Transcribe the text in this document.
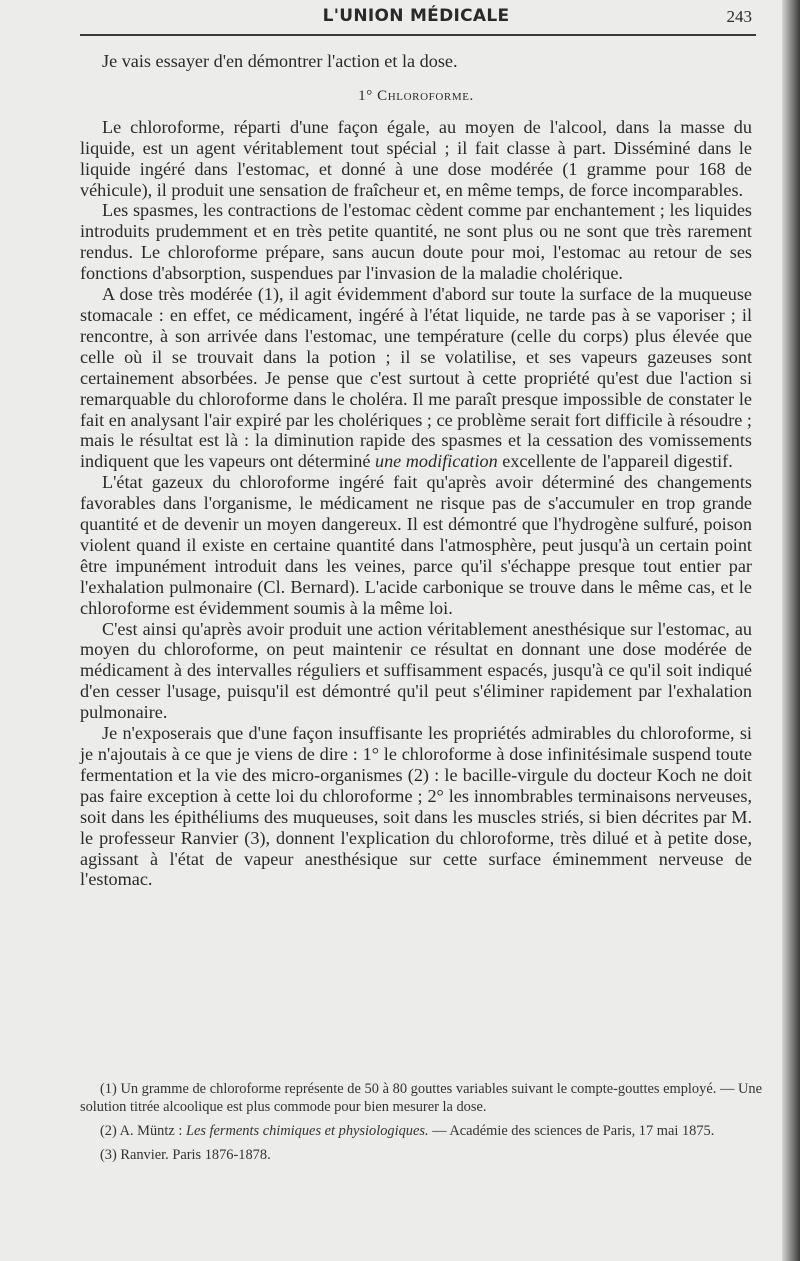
L'UNION MÉDICALE	243

Je vais essayer d'en démontrer l'action et la dose.

1° Chloroforme.

Le chloroforme, réparti d'une façon égale, au moyen de l'alcool, dans la masse du liquide, est un agent véritablement tout spécial ; il fait classe à part. Disséminé dans le liquide ingéré dans l'estomac, et donné à une dose modérée (1 gramme pour 168 de véhicule), il produit une sensation de fraîcheur et, en même temps, de force incomparables.

Les spasmes, les contractions de l'estomac cèdent comme par enchantement ; les liquides introduits prudemment et en très petite quantité, ne sont plus ou ne sont que très rarement rendus. Le chloroforme prépare, sans aucun doute pour moi, l'estomac au retour de ses fonctions d'absorption, suspendues par l'invasion de la maladie cholérique.

A dose très modérée (1), il agit évidemment d'abord sur toute la surface de la muqueuse stomacale : en effet, ce médicament, ingéré à l'état liquide, ne tarde pas à se vaporiser ; il rencontre, à son arrivée dans l'estomac, une température (celle du corps) plus élevée que celle où il se trouvait dans la potion ; il se volatilise, et ses vapeurs gazeuses sont certainement absorbées. Je pense que c'est surtout à cette propriété qu'est due l'action si remarquable du chloroforme dans le choléra. Il me paraît presque impossible de constater le fait en analysant l'air expiré par les cholériques ; ce problème serait fort difficile à résoudre ; mais le résultat est là : la diminution rapide des spasmes et la cessation des vomissements indiquent que les vapeurs ont déterminé une modification excellente de l'appareil digestif.

L'état gazeux du chloroforme ingéré fait qu'après avoir déterminé des changements favorables dans l'organisme, le médicament ne risque pas de s'accumuler en trop grande quantité et de devenir un moyen dangereux. Il est démontré que l'hydrogène sulfuré, poison violent quand il existe en certaine quantité dans l'atmosphère, peut jusqu'à un certain point être impunément introduit dans les veines, parce qu'il s'échappe presque tout entier par l'exhalation pulmonaire (Cl. Bernard). L'acide carbonique se trouve dans le même cas, et le chloroforme est évidemment soumis à la même loi.

C'est ainsi qu'après avoir produit une action véritablement anesthésique sur l'estomac, au moyen du chloroforme, on peut maintenir ce résultat en donnant une dose modérée de médicament à des intervalles réguliers et suffisamment espacés, jusqu'à ce qu'il soit indiqué d'en cesser l'usage, puisqu'il est démontré qu'il peut s'éliminer rapidement par l'exhalation pulmonaire.

Je n'exposerais que d'une façon insuffisante les propriétés admirables du chloroforme, si je n'ajoutais à ce que je viens de dire : 1° le chloroforme à dose infinitésimale suspend toute fermentation et la vie des micro-organismes (2) : le bacille-virgule du docteur Koch ne doit pas faire exception à cette loi du chloroforme ; 2° les innombrables terminaisons nerveuses, soit dans les épithéliums des muqueuses, soit dans les muscles striés, si bien décrites par M. le professeur Ranvier (3), donnent l'explication du chloroforme, très dilué et à petite dose, agissant à l'état de vapeur anesthésique sur cette surface éminemment nerveuse de l'estomac.

(1) Un gramme de chloroforme représente de 50 à 80 gouttes variables suivant le compte-gouttes employé. — Une solution titrée alcoolique est plus commode pour bien mesurer la dose.

(2) A. Müntz : Les ferments chimiques et physiologiques. — Académie des sciences de Paris, 17 mai 1875.

(3) Ranvier. Paris 1876-1878.
